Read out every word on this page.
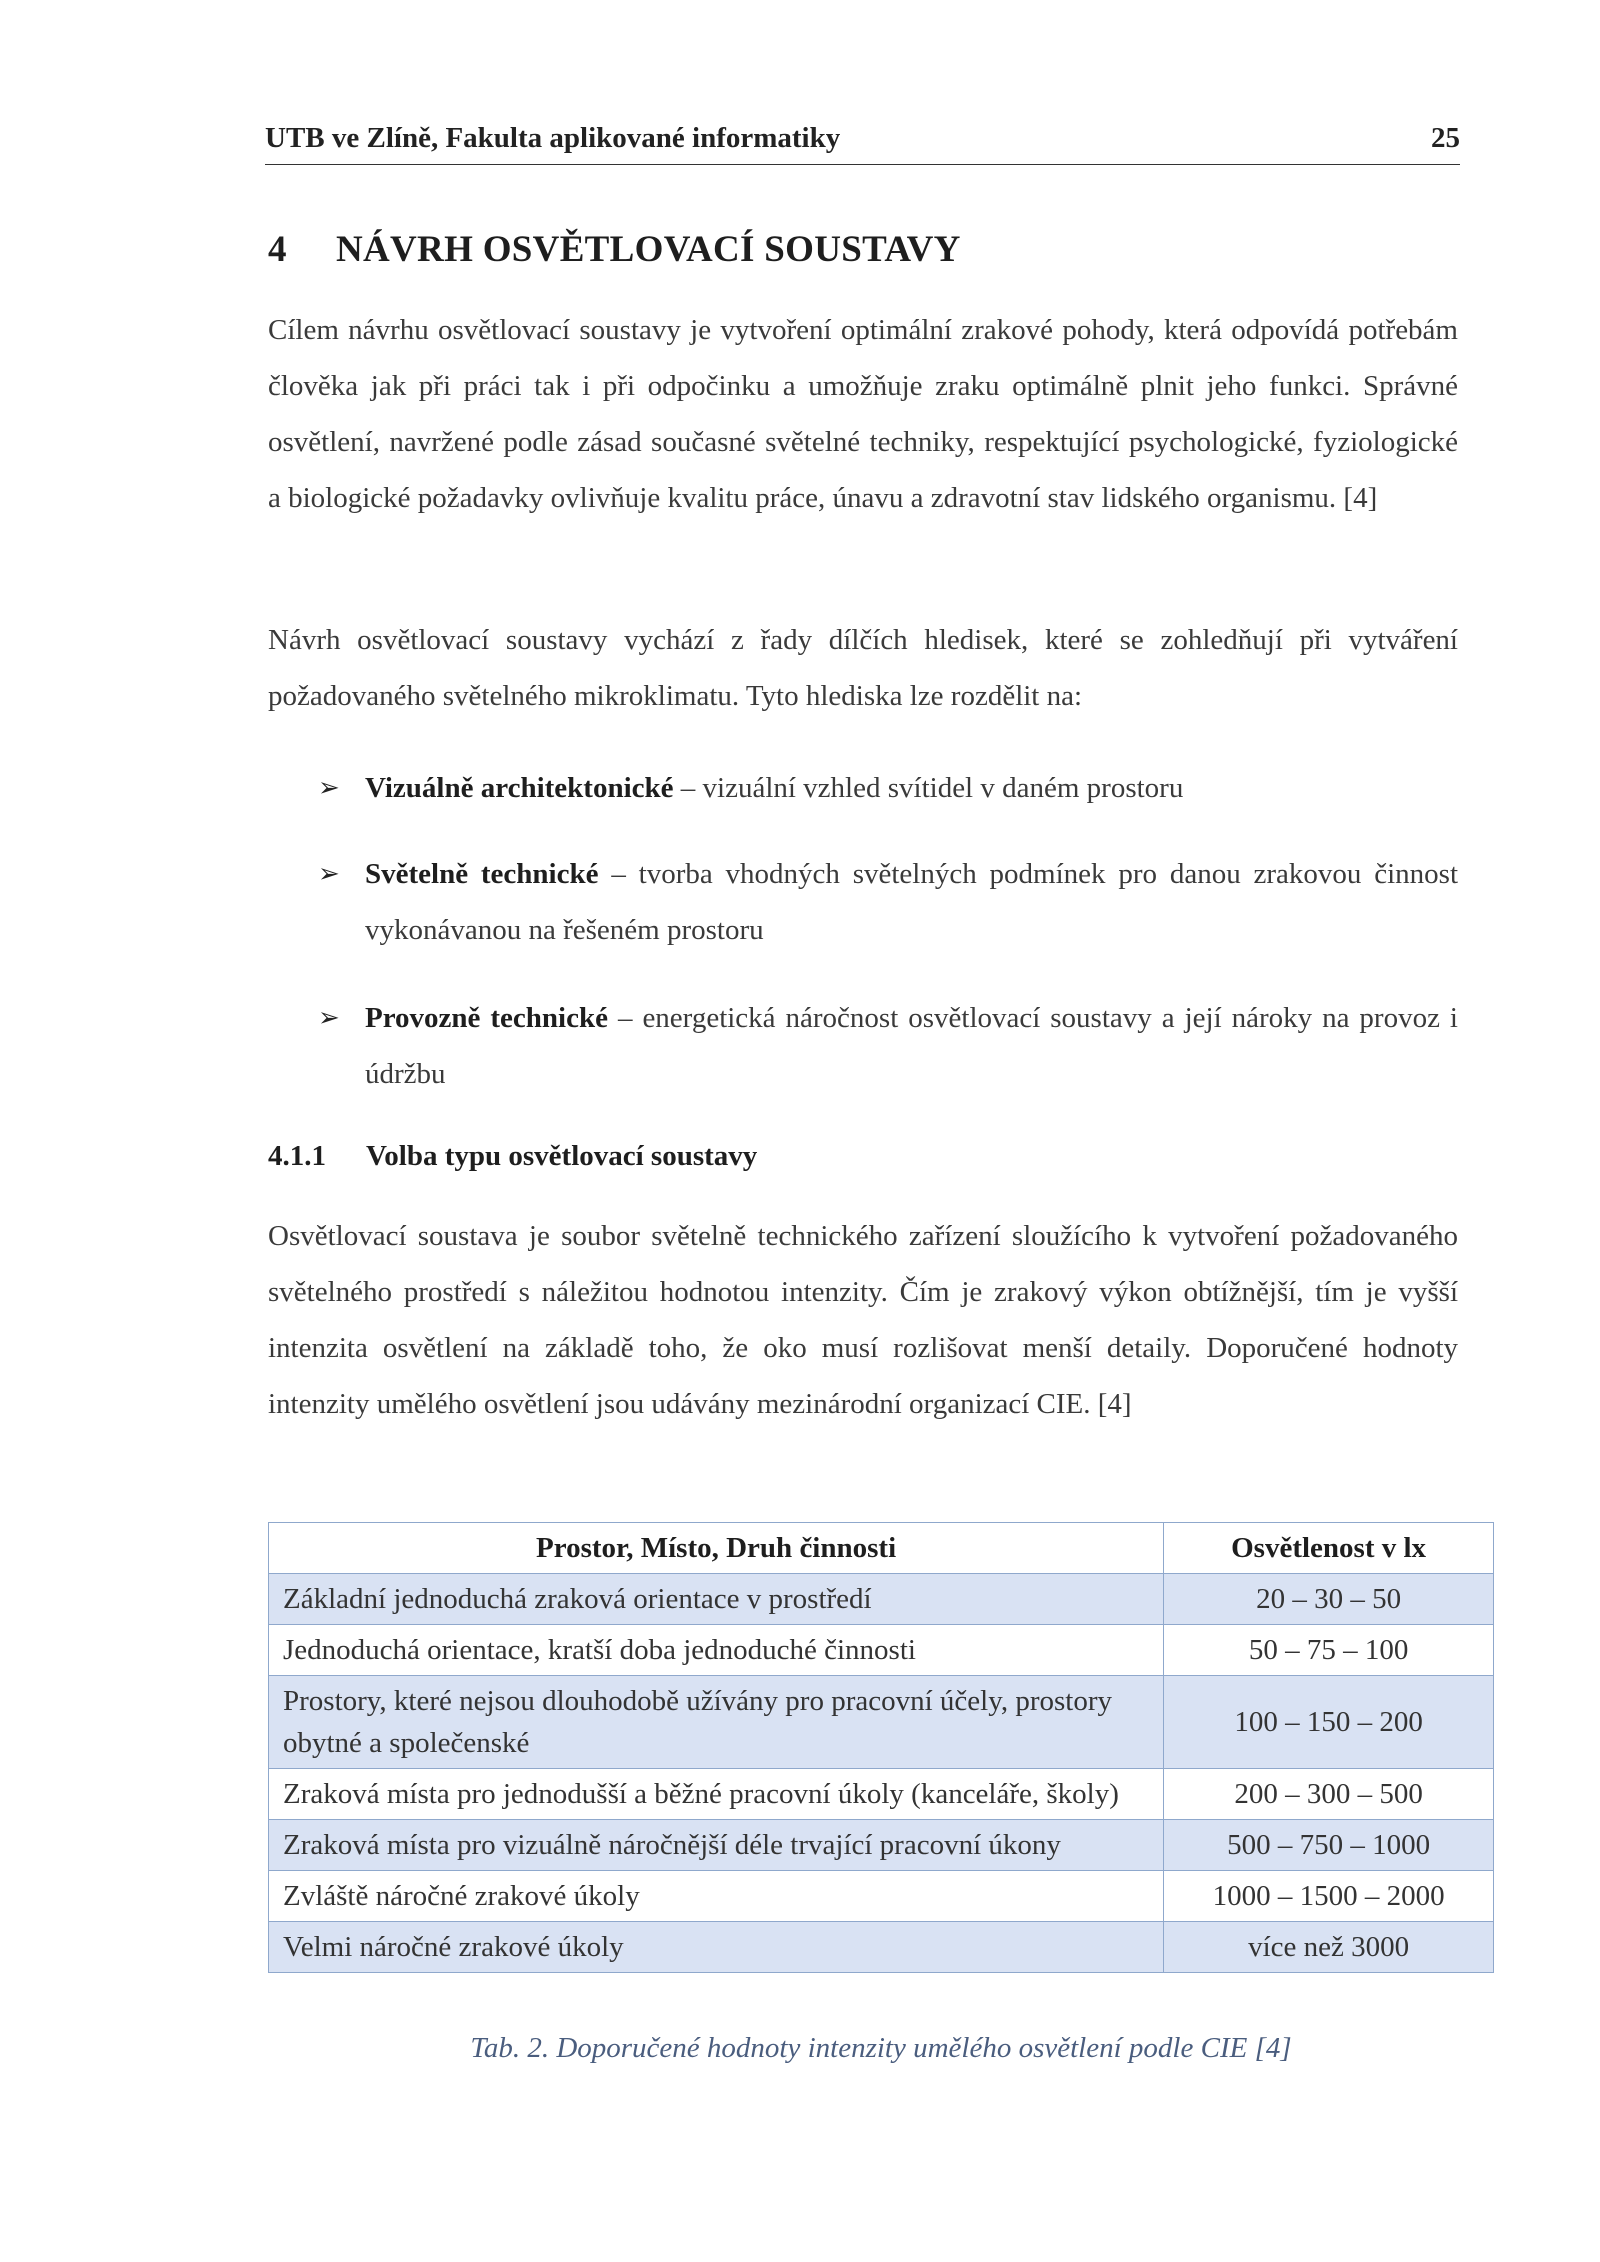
UTB ve Zlíně, Fakulta aplikované informatiky	25
4 NÁVRH OSVĚTLOVACÍ SOUSTAVY
Cílem návrhu osvětlovací soustavy je vytvoření optimální zrakové pohody, která odpovídá potřebám člověka jak při práci tak i při odpočinku a umožňuje zraku optimálně plnit jeho funkci. Správné osvětlení, navržené podle zásad současné světelné techniky, respektující psychologické, fyziologické a biologické požadavky ovlivňuje kvalitu práce, únavu a zdravotní stav lidského organismu. [4]
Návrh osvětlovací soustavy vychází z řady dílčích hledisek, které se zohledňují při vytváření požadovaného světelného mikroklimatu. Tyto hlediska lze rozdělit na:
➢ Vizuálně architektonické – vizuální vzhled svítidel v daném prostoru
➢ Světelně technické – tvorba vhodných světelných podmínek pro danou zrakovou činnost vykonávanou na řešeném prostoru
➢ Provozně technické – energetická náročnost osvětlovací soustavy a její nároky na provoz i údržbu
4.1.1 Volba typu osvětlovací soustavy
Osvětlovací soustava je soubor světelně technického zařízení sloužícího k vytvoření požadovaného světelného prostředí s náležitou hodnotou intenzity. Čím je zrakový výkon obtížnější, tím je vyšší intenzita osvětlení na základě toho, že oko musí rozlišovat menší detaily. Doporučené hodnoty intenzity umělého osvětlení jsou udávány mezinárodní organizací CIE. [4]
Prostor, Místo, Druh činnosti	Osvětlenost v lx
Základní jednoduchá zraková orientace v prostředí	20 – 30 – 50
Jednoduchá orientace, kratší doba jednoduché činnosti	50 – 75 – 100
Prostory, které nejsou dlouhodobě užívány pro pracovní účely, prostory obytné a společenské	100 – 150 – 200
Zraková místa pro jednodušší a běžné pracovní úkoly (kanceláře, školy)	200 – 300 – 500
Zraková místa pro vizuálně náročnější déle trvající pracovní úkony	500 – 750 – 1000
Zvláště náročné zrakové úkoly	1000 – 1500 – 2000
Velmi náročné zrakové úkoly	více než 3000
Tab. 2. Doporučené hodnoty intenzity umělého osvětlení podle CIE [4]
